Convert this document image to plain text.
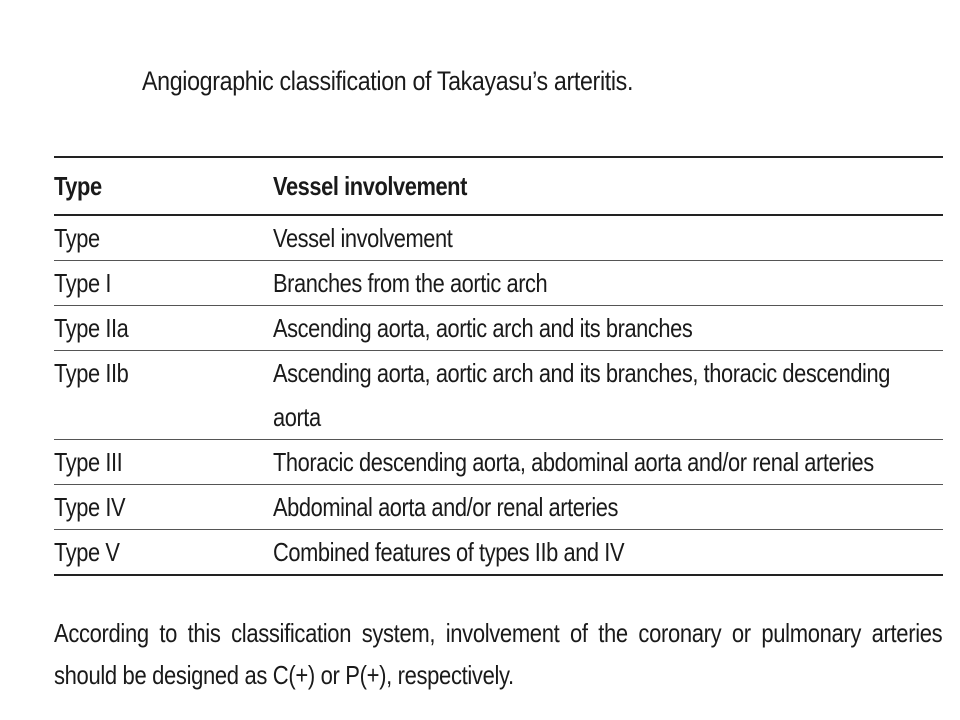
Angiographic classification of Takayasu’s arteritis.
Type	Vessel involvement
Type	Vessel involvement

Type I	Branches from the aortic arch

Type IIa	Ascending aorta, aortic arch and its branches

Type IIb	Ascending aorta, aortic arch and its branches, thoracic descending aorta

Type III	Thoracic descending aorta, abdominal aorta and/or renal arteries

Type IV	Abdominal aorta and/or renal arteries

Type V	Combined features of types IIb and IV
According to this classification system, involvement of the coronary or pulmonary arteries should be designed as C(+) or P(+), respectively.
